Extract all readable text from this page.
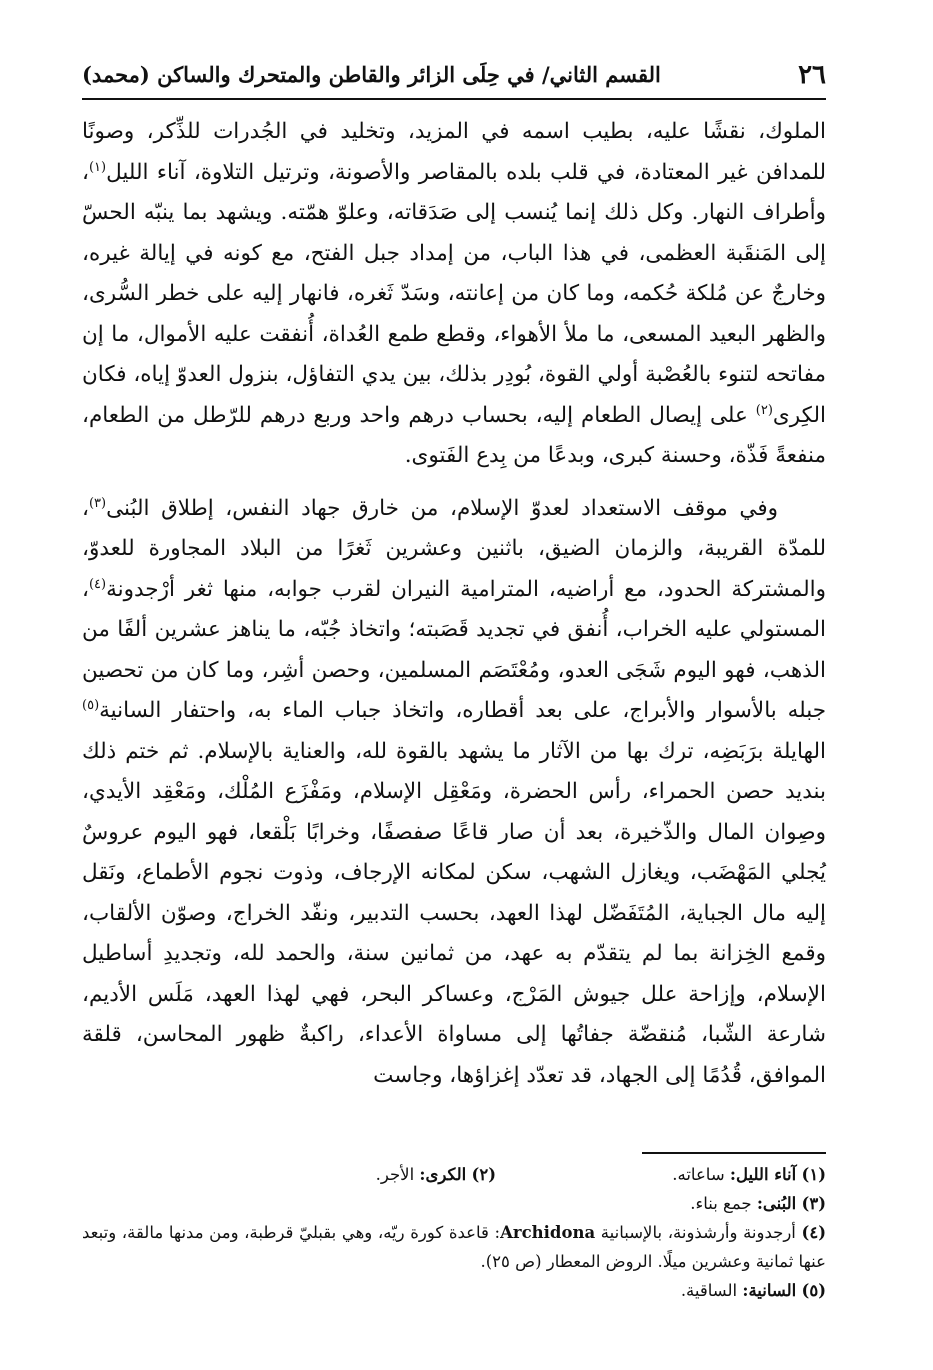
٢٦
القسم الثاني/ في حِلَى الزائر والقاطن والمتحرك والساكن (محمد)

الملوك، نقشًا عليه، بطيب اسمه في المزيد، وتخليد في الجُدرات للذِّكر، وصونًا للمدافن غير المعتادة، في قلب بلده بالمقاصر والأصونة، وترتيل التلاوة، آناء الليل$^{(١)}$، وأطراف النهار. وكل ذلك إنما يُنسب إلى صَدَقاته، وعلوّ همّته. ويشهد بما ينبّه الحسّ إلى المَنقَبة العظمى، في هذا الباب، من إمداد جبل الفتح، مع كونه في إيالة غيره، وخارجٌ عن مُلكة حُكمه، وما كان من إعانته، وسَدّ ثَغره، فانهار إليه على خطر السُّرى، والظهر البعيد المسعى، ما ملأ الأهواء، وقطع طمع العُداة، أُنفقت عليه الأموال، ما إن مفاتحه لتنوء بالعُصْبة أولي القوة، بُودِر بذلك، بين يدي التفاؤل، بنزول العدوّ إياه، فكان الكِرى$^{(٢)}$ على إيصال الطعام إليه، بحساب درهم واحد وربع درهم للرّطل من الطعام، منفعةً فَذّة، وحسنة كبرى، وبدعًا من بِدع الفَتوى.

وفي موقف الاستعداد لعدوّ الإسلام، من خارق جهاد النفس، إطلاق البُنى$^{(٣)}$، للمدّة القريبة، والزمان الضيق، باثنين وعشرين ثَغرًا من البلاد المجاورة للعدوّ، والمشتركة الحدود، مع أراضيه، المترامية النيران لقرب جوابه، منها ثغر أرْجدونة$^{(٤)}$، المستولي عليه الخراب، أُنفق في تجديد قَصَبته؛ واتخاذ جُبّه، ما يناهز عشرين ألفًا من الذهب، فهو اليوم شَجَى العدو، ومُعْتَصَم المسلمين، وحصن أشِر، وما كان من تحصين جبله بالأسوار والأبراج، على بعد أقطاره، واتخاذ جباب الماء به، واحتفار السانية$^{(٥)}$ الهايلة برَبَضِه، ترك بها من الآثار ما يشهد بالقوة لله، والعناية بالإسلام. ثم ختم ذلك بنديد حصن الحمراء، رأس الحضرة، ومَعْقِل الإسلام، ومَفْزَع المُلْك، ومَعْقِد الأيدي، وصِوان المال والذّخيرة، بعد أن صار قاعًا صفصفًا، وخرابًا بَلْقعا، فهو اليوم عروسٌ يُجلي المَهْضَب، ويغازل الشهب، سكن لمكانه الإرجاف، وذوت نجوم الأطماع، ونَقل إليه مال الجباية، المُتَفَضّل لهذا العهد، بحسب التدبير، ونفّد الخراج، وصوّن الألقاب، وقمع الخِزانة بما لم يتقدّم به عهد، من ثمانين سنة، والحمد لله، وتجديدِ أساطيل الإسلام، وإزاحة علل جيوش المَرْج، وعساكر البحر، فهي لهذا العهد، مَلَس الأديم، شارعة الشّبا، مُنقضّة جفاتُها إلى مساواة الأعداء، راكبةٌ ظهور المحاسن، قلقة الموافق، قُدُمًا إلى الجهاد، قد تعدّد إغزاؤها، وجاست

(١) آناء الليل: ساعاته.
(٢) الكرى: الأجر.

(٣) البُنى: جمع بناء.

(٤) أرجدونة وأرشذونة، بالإسبانية Archidona: قاعدة كورة ريّه، وهي بقبليّ قرطبة، ومن مدنها مالقة، وتبعد عنها ثمانية وعشرين ميلًا. الروض المعطار (ص ٢٥).

(٥) السانية: الساقية.
